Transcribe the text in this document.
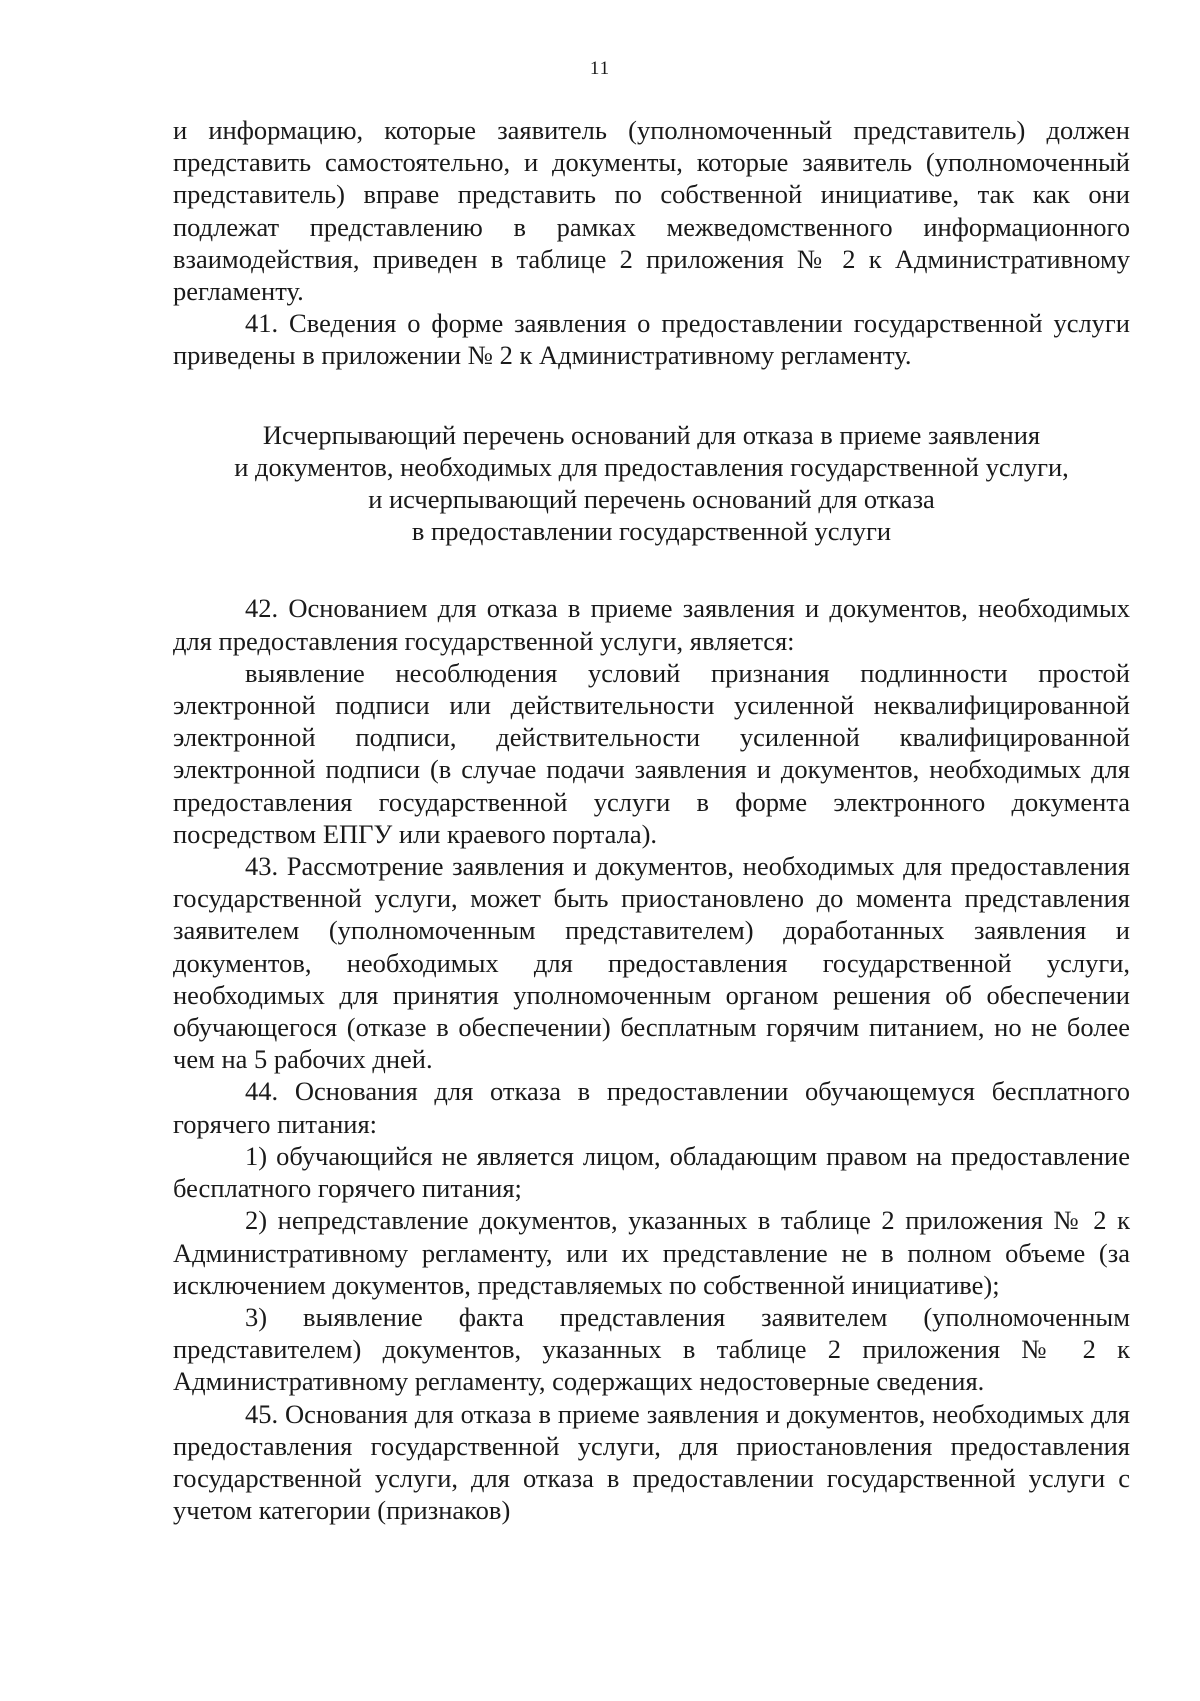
11

и информацию, которые заявитель (уполномоченный представитель) должен представить самостоятельно, и документы, которые заявитель (уполномоченный представитель) вправе представить по собственной инициативе, так как они подлежат представлению в рамках межведомственного информационного взаимодействия, приведен в таблице 2 приложения № 2 к Административному регламенту.

41. Сведения о форме заявления о предоставлении государственной услуги приведены в приложении № 2 к Административному регламенту.

Исчерпывающий перечень оснований для отказа в приеме заявления
и документов, необходимых для предоставления государственной услуги,
и исчерпывающий перечень оснований для отказа
в предоставлении государственной услуги

42. Основанием для отказа в приеме заявления и документов, необходимых для предоставления государственной услуги, является:

выявление несоблюдения условий признания подлинности простой электронной подписи или действительности усиленной неквалифицированной электронной подписи, действительности усиленной квалифицированной электронной подписи (в случае подачи заявления и документов, необходимых для предоставления государственной услуги в форме электронного документа посредством ЕПГУ или краевого портала).

43. Рассмотрение заявления и документов, необходимых для предоставления государственной услуги, может быть приостановлено до момента представления заявителем (уполномоченным представителем) доработанных заявления и документов, необходимых для предоставления государственной услуги, необходимых для принятия уполномоченным органом решения об обеспечении обучающегося (отказе в обеспечении) бесплатным горячим питанием, но не более чем на 5 рабочих дней.

44. Основания для отказа в предоставлении обучающемуся бесплатного горячего питания:

1) обучающийся не является лицом, обладающим правом на предоставление бесплатного горячего питания;

2) непредставление документов, указанных в таблице 2 приложения № 2 к Административному регламенту, или их представление не в полном объеме (за исключением документов, представляемых по собственной инициативе);

3) выявление факта представления заявителем (уполномоченным представителем) документов, указанных в таблице 2 приложения № 2 к Административному регламенту, содержащих недостоверные сведения.

45. Основания для отказа в приеме заявления и документов, необходимых для предоставления государственной услуги, для приостановления предоставления государственной услуги, для отказа в предоставлении государственной услуги с учетом категории (признаков)
